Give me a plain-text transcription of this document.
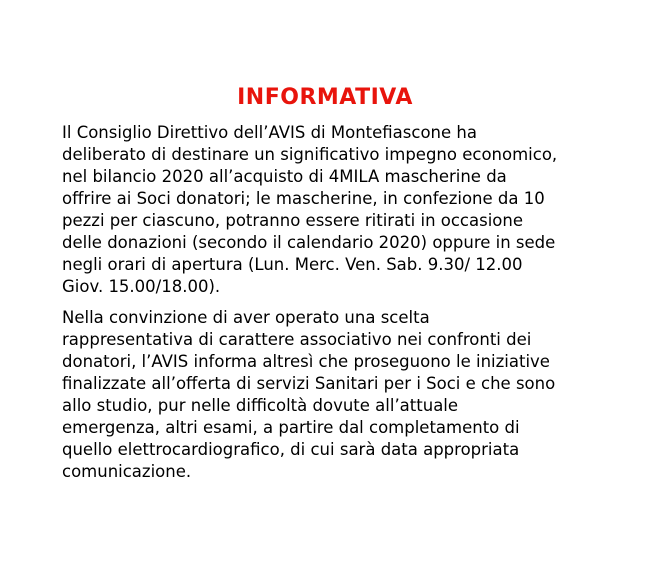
INFORMATIVA

Il Consiglio Direttivo dell’AVIS di Montefiascone ha
deliberato di destinare un significativo impegno economico,
nel bilancio 2020 all’acquisto di 4MILA mascherine da
offrire ai Soci donatori; le mascherine, in confezione da 10
pezzi per ciascuno, potranno essere ritirati in occasione
delle donazioni (secondo il calendario 2020) oppure in sede
negli orari di apertura (Lun. Merc. Ven. Sab. 9.30/ 12.00
Giov. 15.00/18.00).

Nella convinzione di aver operato una scelta
rappresentativa di carattere associativo nei confronti dei
donatori, l’AVIS informa altresì che proseguono le iniziative
finalizzate all’offerta di servizi Sanitari per i Soci e che sono
allo studio, pur nelle difficoltà dovute all’attuale
emergenza, altri esami, a partire dal completamento di
quello elettrocardiografico, di cui sarà data appropriata
comunicazione.
